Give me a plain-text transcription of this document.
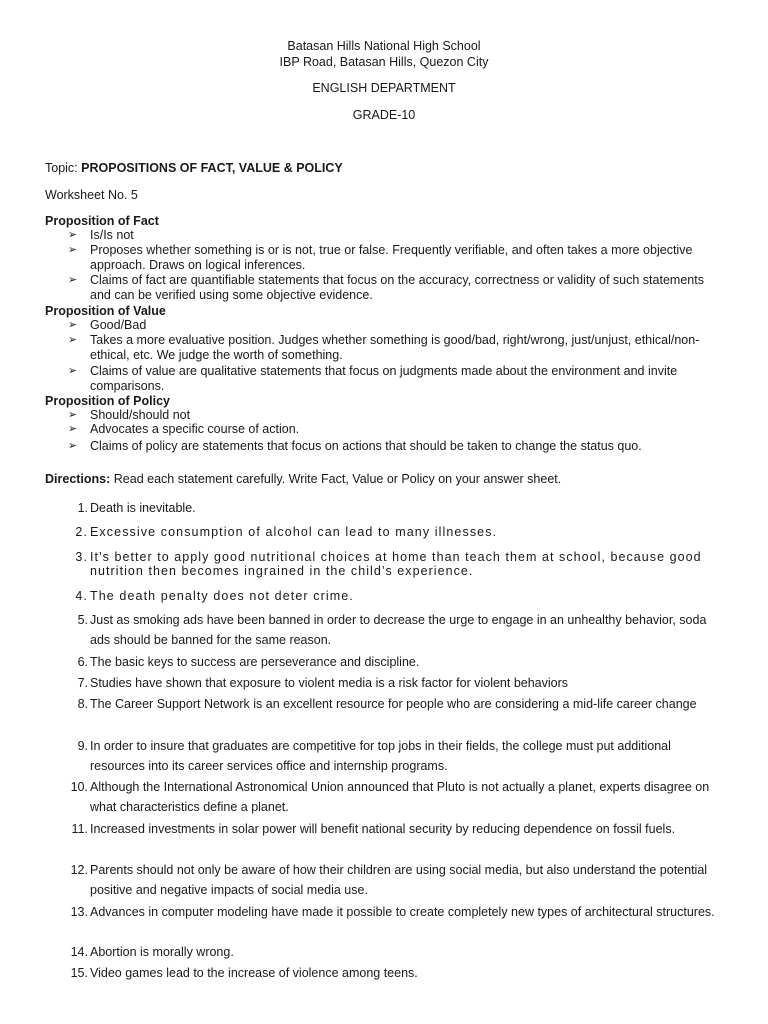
Batasan Hills National High School
IBP Road, Batasan Hills, Quezon City
ENGLISH DEPARTMENT
GRADE-10
Topic: PROPOSITIONS OF FACT, VALUE & POLICY
Worksheet No. 5
Proposition of Fact
➢ Is/Is not
➢ Proposes whether something is or is not, true or false. Frequently verifiable, and often takes a more objective approach. Draws on logical inferences.
➢ Claims of fact are quantifiable statements that focus on the accuracy, correctness or validity of such statements and can be verified using some objective evidence.
Proposition of Value
➢ Good/Bad
➢ Takes a more evaluative position. Judges whether something is good/bad, right/wrong, just/unjust, ethical/non-ethical, etc. We judge the worth of something.
➢ Claims of value are qualitative statements that focus on judgments made about the environment and invite comparisons.
Proposition of Policy
➢ Should/should not
➢ Advocates a specific course of action.
➢ Claims of policy are statements that focus on actions that should be taken to change the status quo.
Directions: Read each statement carefully. Write Fact, Value or Policy on your answer sheet.
1. Death is inevitable.
2. Excessive consumption of alcohol can lead to many illnesses.
3. It’s better to apply good nutritional choices at home than teach them at school, because good nutrition then becomes ingrained in the child’s experience.
4. The death penalty does not deter crime.
5. Just as smoking ads have been banned in order to decrease the urge to engage in an unhealthy behavior, soda ads should be banned for the same reason.
6. The basic keys to success are perseverance and discipline.
7. Studies have shown that exposure to violent media is a risk factor for violent behaviors
8. The Career Support Network is an excellent resource for people who are considering a mid-life career change
9. In order to insure that graduates are competitive for top jobs in their fields, the college must put additional resources into its career services office and internship programs.
10. Although the International Astronomical Union announced that Pluto is not actually a planet, experts disagree on what characteristics define a planet.
11. Increased investments in solar power will benefit national security by reducing dependence on fossil fuels.
12. Parents should not only be aware of how their children are using social media, but also understand the potential positive and negative impacts of social media use.
13. Advances in computer modeling have made it possible to create completely new types of architectural structures.
14. Abortion is morally wrong.
15. Video games lead to the increase of violence among teens.
